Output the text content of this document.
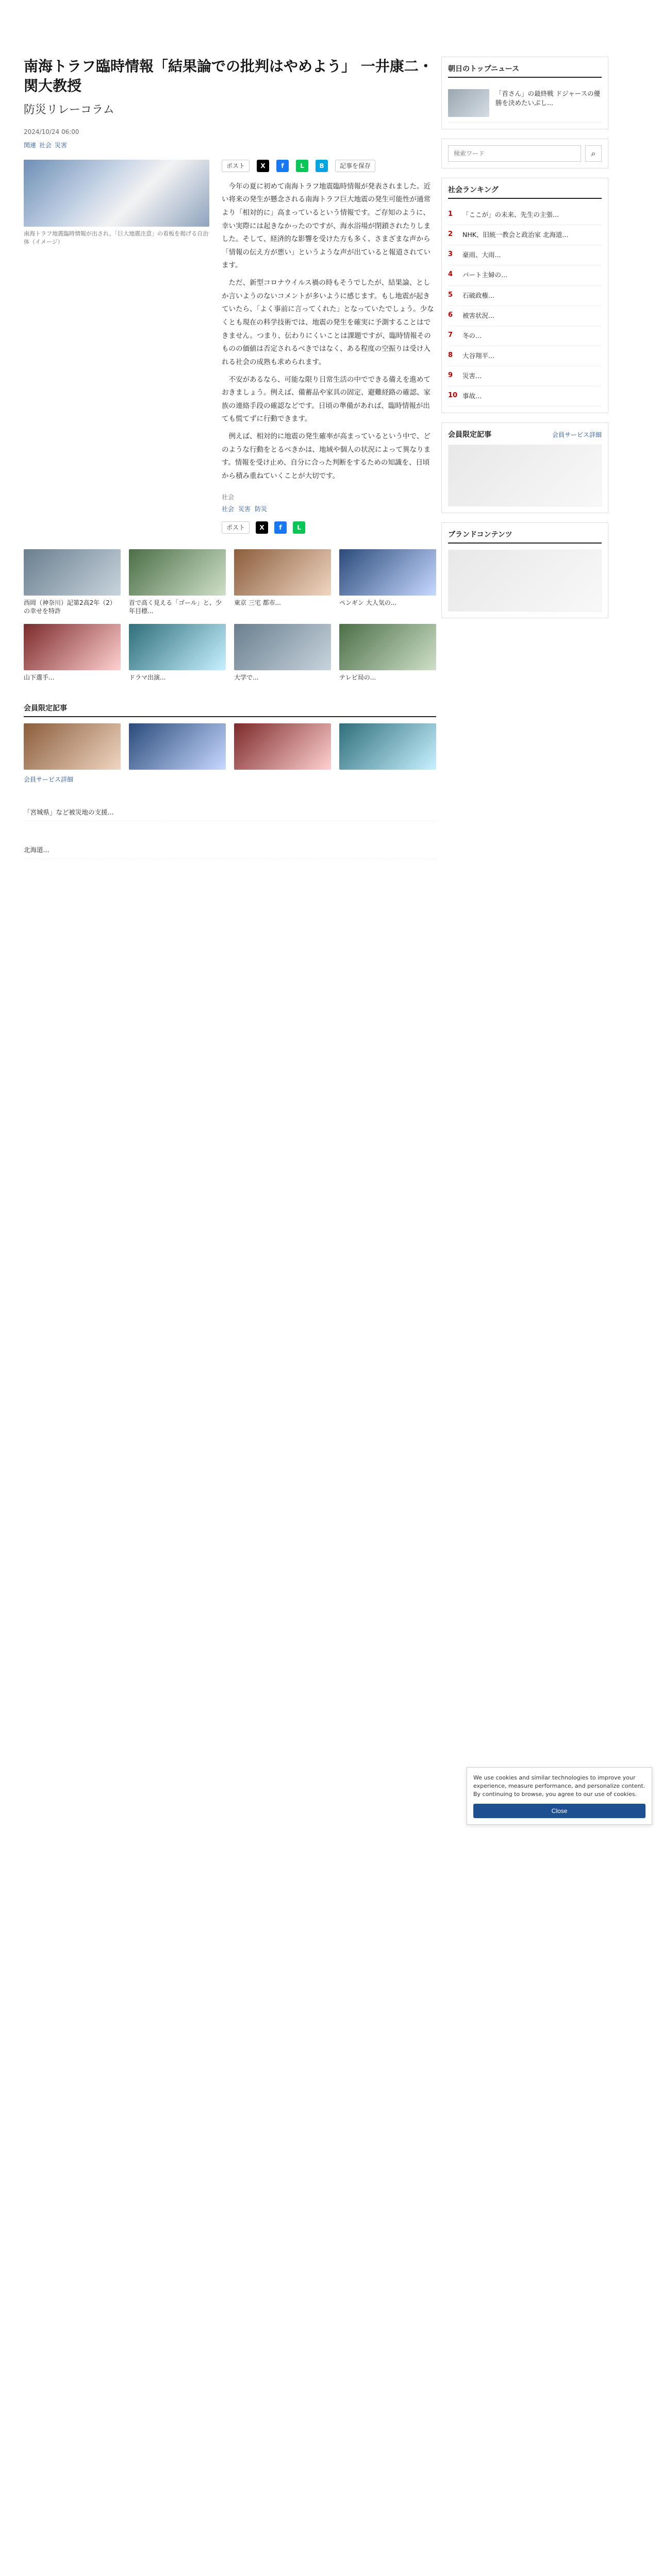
南海トラフ臨時情報「結果論での批判はやめよう」 一井康二・関大教授
防災リレーコラム
2024/10/24 06:00
関連 社会 災害
南海トラフ地震臨時情報が出され、「巨大地震注意」の看板を掲げる自治体（イメージ）
ポスト	X	f	L	B	記事を保存

今年の夏に初めて南海トラフ地震臨時情報が発表されました。近い将来の発生が懸念される南海トラフ巨大地震の発生可能性が通常より「相対的に」高まっているという情報です。ご存知のように、幸い実際には起きなかったのですが、海水浴場が閉鎖されたりしました。そして、経済的な影響を受けた方も多く、さまざまな声から「情報の伝え方が悪い」というような声が出ていると報道されています。

ただ、新型コロナウイルス禍の時もそうでしたが、結果論、としか言いようのないコメントが多いように感じます。もし地震が起きていたら、「よく事前に言ってくれた」となっていたでしょう。少なくとも現在の科学技術では、地震の発生を確実に予測することはできません。つまり、伝わりにくいことは課題ですが、臨時情報そのものの価値は否定されるべきではなく、ある程度の空振りは受け入れる社会の成熟も求められます。

不安があるなら、可能な限り日常生活の中でできる備えを進めておきましょう。例えば、備蓄品や家具の固定、避難経路の確認、家族の連絡手段の確認などです。日頃の準備があれば、臨時情報が出ても慌てずに行動できます。

例えば、相対的に地震の発生確率が高まっているという中で、どのような行動をとるべきかは、地域や個人の状況によって異なります。情報を受け止め、自分に合った判断をするための知識を、日頃から積み重ねていくことが大切です。

社会
社会 災害 防災
ポスト	X	f	L
西岡（神奈川）記第2高2年（2）の幸せを特許
首で高く見える「ゴール」と、少年目標...
東京 三宅 都市...	ペンギン 大人気の...
山下選手...	ドラマ出演...	大学で...	テレビ局の...
会員限定記事
会員サービス詳細
「宮城県」など被災地の支援...
北海道...
朝日のトップニュース
「首さん」の最終戦 ドジャースの優勝を決めたいぶし...
検索ワード
⌕
社会ランキング
1	「ここが」の未来、先生の主張...
2	NHK、旧統一教会と政治家 北海道...
3	豪雨、大雨...
4	パート主婦の...
5	石破政権...
6	被害状況...
7	冬の...
8	大谷翔平...
9	災害...
10 事故...
会員限定記事	会員サービス詳細
ブランドコンテンツ
We use cookies and similar technologies to improve your experience, measure performance, and personalize content. By continuing to browse, you agree to our use of cookies.
Close
